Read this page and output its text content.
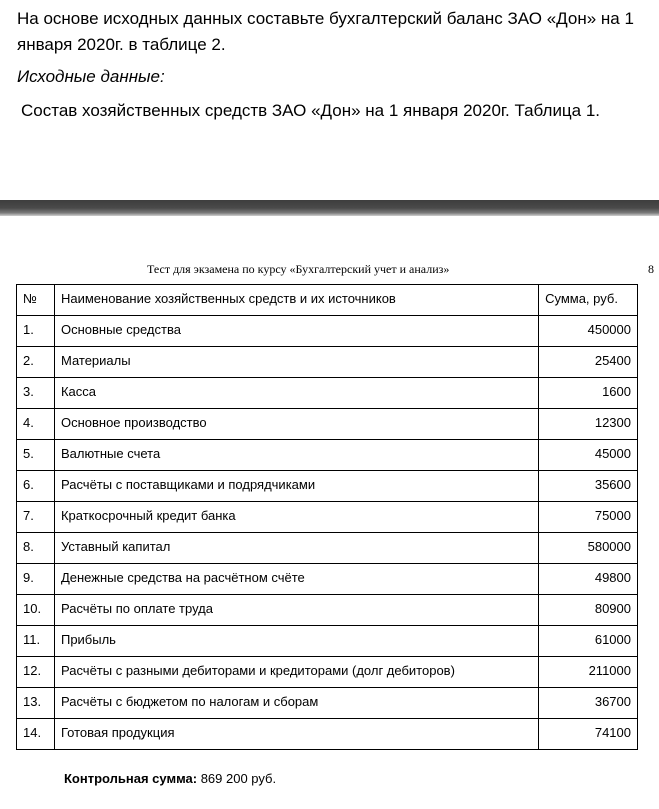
На основе исходных данных составьте бухгалтерский баланс ЗАО «Дон» на 1 января 2020г. в таблице 2.

Исходные данные:

Состав хозяйственных средств ЗАО «Дон» на 1 января 2020г. Таблица 1.

Тест для экзамена по курсу «Бухгалтерский учет и анализ»	8
№	Наименование хозяйственных средств и их источников	Сумма, руб.
1.	Основные средства	450000
2.	Материалы	25400
3.	Касса	1600
4.	Основное производство	12300
5.	Валютные счета	45000
6.	Расчёты с поставщиками и подрядчиками	35600
7.	Краткосрочный кредит банка	75000
8.	Уставный капитал	580000
9.	Денежные средства на расчётном счёте	49800
10.	Расчёты по оплате труда	80900
11.	Прибыль	61000
12.	Расчёты с разными дебиторами и кредиторами (долг дебиторов)	211000
13.	Расчёты с бюджетом по налогам и сборам	36700
14.	Готовая продукция	74100

Контрольная сумма: 869 200 руб.
